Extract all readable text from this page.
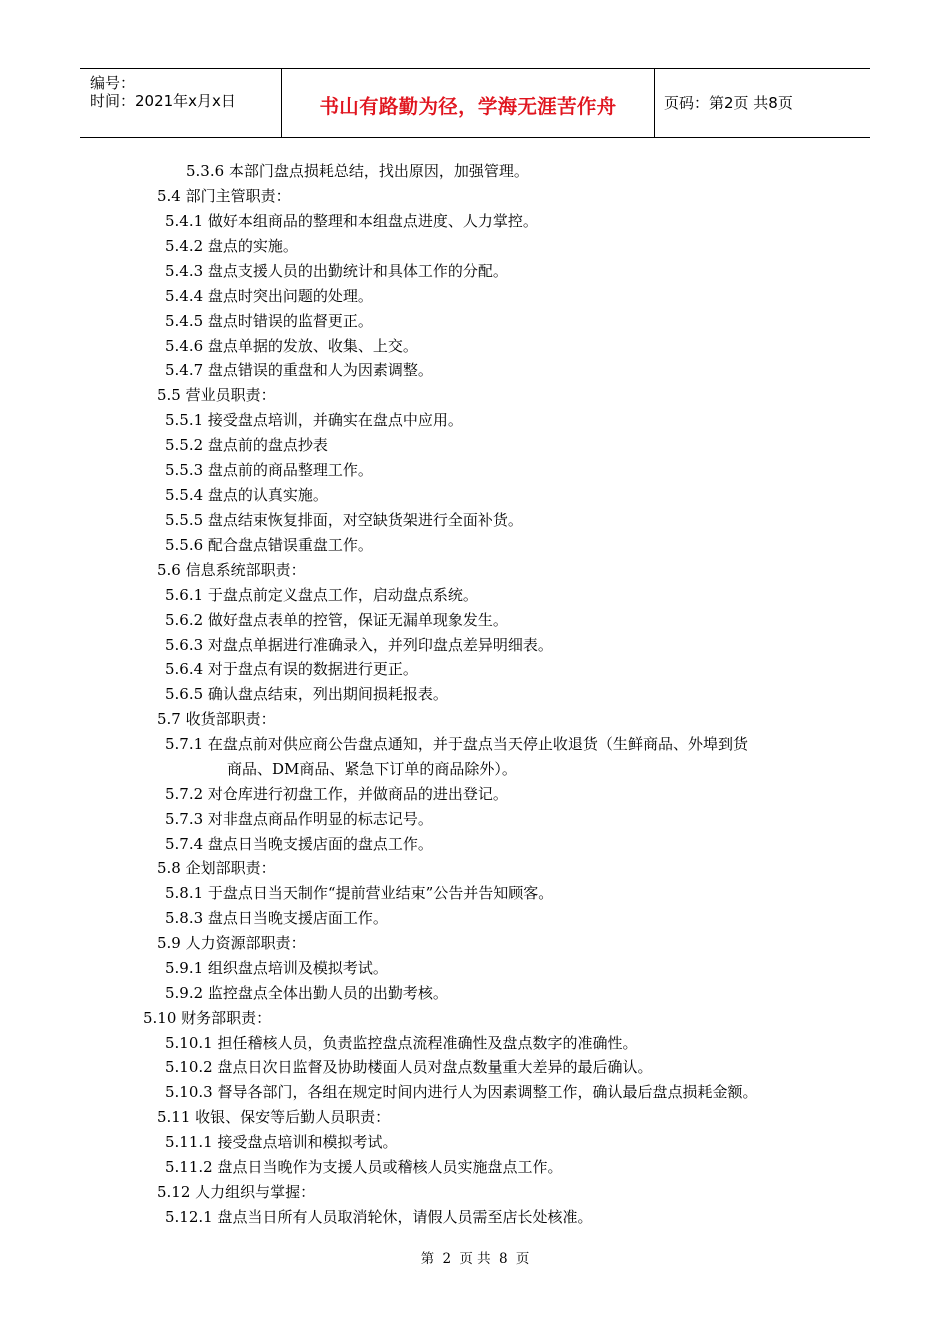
编号：
时间：2021年x月x日	书山有路勤为径，学海无涯苦作舟	页码：第2页 共8页
5.3.6 本部门盘点损耗总结，找出原因，加强管理。
5.4 部门主管职责：
5.4.1 做好本组商品的整理和本组盘点进度、人力掌控。
5.4.2 盘点的实施。
5.4.3 盘点支援人员的出勤统计和具体工作的分配。
5.4.4 盘点时突出问题的处理。
5.4.5 盘点时错误的监督更正。
5.4.6 盘点单据的发放、收集、上交。
5.4.7 盘点错误的重盘和人为因素调整。
5.5 营业员职责：
5.5.1 接受盘点培训，并确实在盘点中应用。
5.5.2 盘点前的盘点抄表
5.5.3 盘点前的商品整理工作。
5.5.4 盘点的认真实施。
5.5.5 盘点结束恢复排面，对空缺货架进行全面补货。
5.5.6 配合盘点错误重盘工作。
5.6 信息系统部职责：
5.6.1 于盘点前定义盘点工作，启动盘点系统。
5.6.2 做好盘点表单的控管，保证无漏单现象发生。
5.6.3 对盘点单据进行准确录入，并列印盘点差异明细表。
5.6.4 对于盘点有误的数据进行更正。
5.6.5 确认盘点结束，列出期间损耗报表。
5.7 收货部职责：
5.7.1 在盘点前对供应商公告盘点通知，并于盘点当天停止收退货（生鲜商品、外埠到货
商品、DM商品、紧急下订单的商品除外）。
5.7.2 对仓库进行初盘工作，并做商品的进出登记。
5.7.3 对非盘点商品作明显的标志记号。
5.7.4 盘点日当晚支援店面的盘点工作。
5.8 企划部职责：
5.8.1 于盘点日当天制作“提前营业结束”公告并告知顾客。
5.8.3 盘点日当晚支援店面工作。
5.9 人力资源部职责：
5.9.1 组织盘点培训及模拟考试。
5.9.2 监控盘点全体出勤人员的出勤考核。
5.10 财务部职责：
5.10.1 担任稽核人员，负责监控盘点流程准确性及盘点数字的准确性。
5.10.2 盘点日次日监督及协助楼面人员对盘点数量重大差异的最后确认。
5.10.3 督导各部门，各组在规定时间内进行人为因素调整工作，确认最后盘点损耗金额。
5.11 收银、保安等后勤人员职责：
5.11.1 接受盘点培训和模拟考试。
5.11.2 盘点日当晚作为支援人员或稽核人员实施盘点工作。
5.12 人力组织与掌握：
5.12.1 盘点当日所有人员取消轮休，请假人员需至店长处核准。
第 2 页 共 8 页
